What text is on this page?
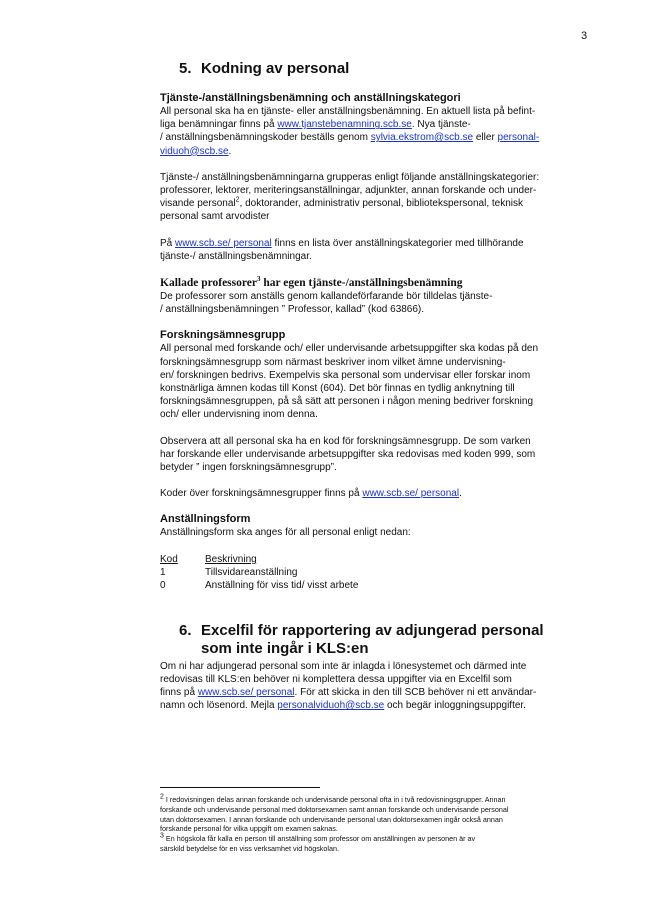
3
5. Kodning av personal
Tjänste-/anställningsbenämning och anställningskategori

All personal ska ha en tjänste- eller anställningsbenämning. En aktuell lista på befint-
liga benämningar finns på www.tjanstebenamning.scb.se. Nya tjänste-
/ anställningsbenämningskoder beställs genom sylvia.ekstrom@scb.se eller personal-
viduoh@scb.se.

Tjänste-/ anställningsbenämningarna grupperas enligt följande anställningskategorier:
professorer, lektorer, meriteringsanställningar, adjunkter, annan forskande och under-
visande personal$^2$, doktorander, administrativ personal, bibliotekspersonal, teknisk
personal samt arvodister

På www.scb.se/ personal finns en lista över anställningskategorier med tillhörande
tjänste-/ anställningsbenämningar.

Kallade professorer$^3$ har egen tjänste-/anställningsbenämning

De professorer som anställs genom kallandeförfarande bör tilldelas tjänste-
/ anställningsbenämningen ” Professor, kallad” (kod 63866).

Forskningsämnesgrupp

All personal med forskande och/ eller undervisande arbetsuppgifter ska kodas på den
forskningsämnesgrupp som närmast beskriver inom vilket ämne undervisning-
en/ forskningen bedrivs. Exempelvis ska personal som undervisar eller forskar inom
konstnärliga ämnen kodas till Konst (604). Det bör finnas en tydlig anknytning till
forskningsämnesgruppen, på så sätt att personen i någon mening bedriver forskning
och/ eller undervisning inom denna.

Observera att all personal ska ha en kod för forskningsämnesgrupp. De som varken
har forskande eller undervisande arbetsuppgifter ska redovisas med koden 999, som
betyder ” ingen forskningsämnesgrupp”.

Koder över forskningsämnesgrupper finns på www.scb.se/ personal.

Anställningsform

Anställningsform ska anges för all personal enligt nedan:

Kod	Beskrivning
1	Tillsvidareanställning
0	Anställning för viss tid/ visst arbete
6. Excelfil för rapportering av adjungerad personal
som inte ingår i KLS:en

Om ni har adjungerad personal som inte är inlagda i lönesystemet och därmed inte
redovisas till KLS:en behöver ni komplettera dessa uppgifter via en Excelfil som
finns på www.scb.se/ personal. För att skicka in den till SCB behöver ni ett användar-
namn och lösenord. Mejla personalviduoh@scb.se och begär inloggningsuppgifter.

$^2$ I redovisningen delas annan forskande och undervisande personal ofta in i två redovisningsgrupper. Annan
forskande och undervisande personal med doktorsexamen samt annan forskande och undervisande personal
utan doktorsexamen. I annan forskande och undervisande personal utan doktorsexamen ingår också annan
forskande personal för vilka uppgift om examen saknas.
$^3$ En högskola får kalla en person till anställning som professor om anställningen av personen är av
särskild betydelse för en viss verksamhet vid högskolan.
